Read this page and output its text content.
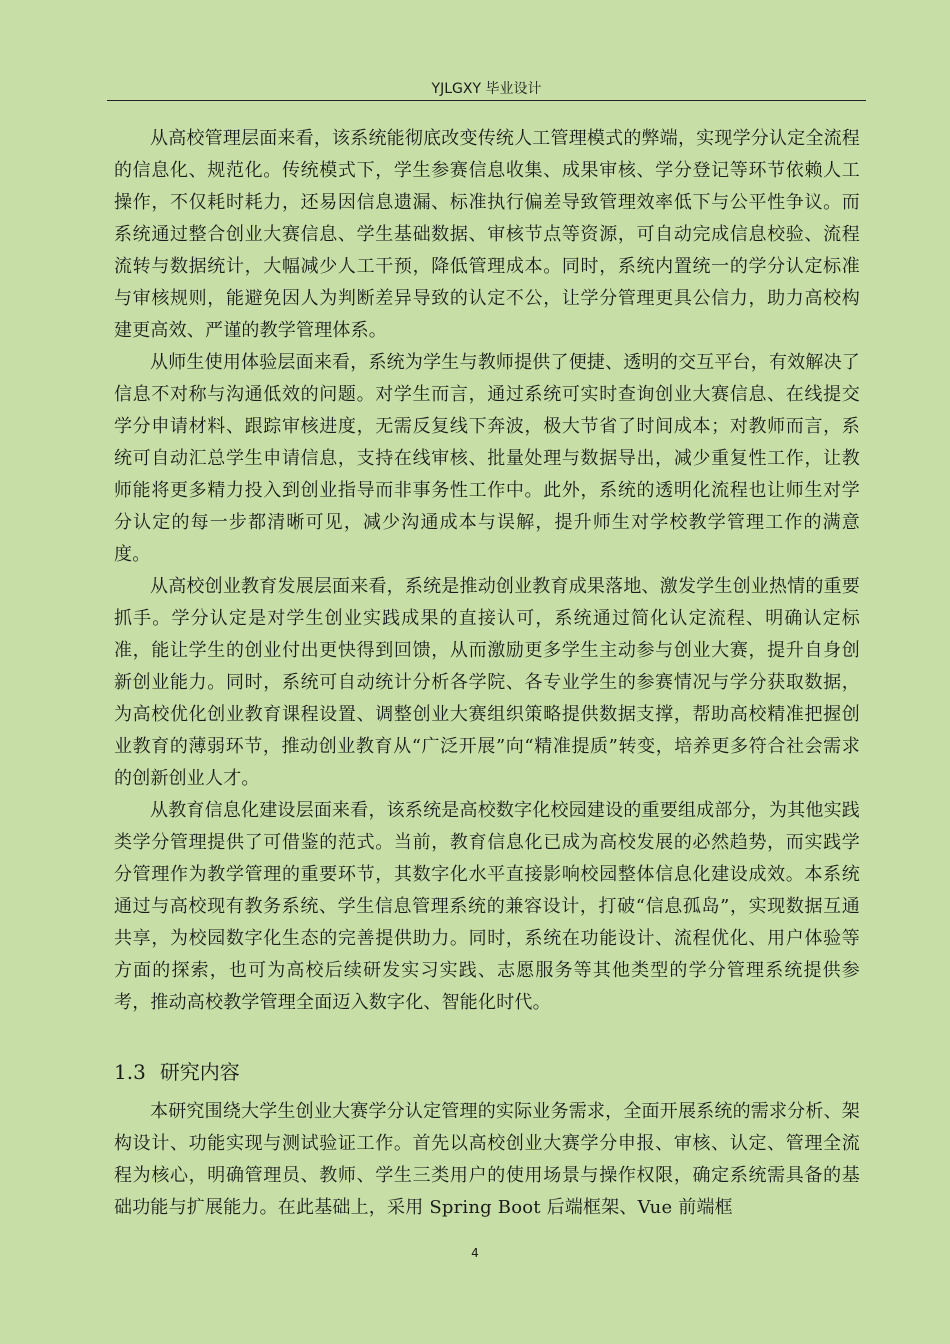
YJLGXY 毕业设计

从高校管理层面来看，该系统能彻底改变传统人工管理模式的弊端，实现学分认定全流程的信息化、规范化。传统模式下，学生参赛信息收集、成果审核、学分登记等环节依赖人工操作，不仅耗时耗力，还易因信息遗漏、标准执行偏差导致管理效率低下与公平性争议。而系统通过整合创业大赛信息、学生基础数据、审核节点等资源，可自动完成信息校验、流程流转与数据统计，大幅减少人工干预，降低管理成本。同时，系统内置统一的学分认定标准与审核规则，能避免因人为判断差异导致的认定不公，让学分管理更具公信力，助力高校构建更高效、严谨的教学管理体系。

从师生使用体验层面来看，系统为学生与教师提供了便捷、透明的交互平台，有效解决了信息不对称与沟通低效的问题。对学生而言，通过系统可实时查询创业大赛信息、在线提交学分申请材料、跟踪审核进度，无需反复线下奔波，极大节省了时间成本；对教师而言，系统可自动汇总学生申请信息，支持在线审核、批量处理与数据导出，减少重复性工作，让教师能将更多精力投入到创业指导而非事务性工作中。此外，系统的透明化流程也让师生对学分认定的每一步都清晰可见，减少沟通成本与误解，提升师生对学校教学管理工作的满意度。

从高校创业教育发展层面来看，系统是推动创业教育成果落地、激发学生创业热情的重要抓手。学分认定是对学生创业实践成果的直接认可，系统通过简化认定流程、明确认定标准，能让学生的创业付出更快得到回馈，从而激励更多学生主动参与创业大赛，提升自身创新创业能力。同时，系统可自动统计分析各学院、各专业学生的参赛情况与学分获取数据，为高校优化创业教育课程设置、调整创业大赛组织策略提供数据支撑，帮助高校精准把握创业教育的薄弱环节，推动创业教育从“广泛开展”向“精准提质”转变，培养更多符合社会需求的创新创业人才。

从教育信息化建设层面来看，该系统是高校数字化校园建设的重要组成部分，为其他实践类学分管理提供了可借鉴的范式。当前，教育信息化已成为高校发展的必然趋势，而实践学分管理作为教学管理的重要环节，其数字化水平直接影响校园整体信息化建设成效。本系统通过与高校现有教务系统、学生信息管理系统的兼容设计，打破“信息孤岛”，实现数据互通共享，为校园数字化生态的完善提供助力。同时，系统在功能设计、流程优化、用户体验等方面的探索，也可为高校后续研发实习实践、志愿服务等其他类型的学分管理系统提供参考，推动高校教学管理全面迈入数字化、智能化时代。

1.3 研究内容

本研究围绕大学生创业大赛学分认定管理的实际业务需求，全面开展系统的需求分析、架构设计、功能实现与测试验证工作。首先以高校创业大赛学分申报、审核、认定、管理全流程为核心，明确管理员、教师、学生三类用户的使用场景与操作权限，确定系统需具备的基础功能与扩展能力。在此基础上，采用 Spring Boot 后端框架、Vue 前端框

4
